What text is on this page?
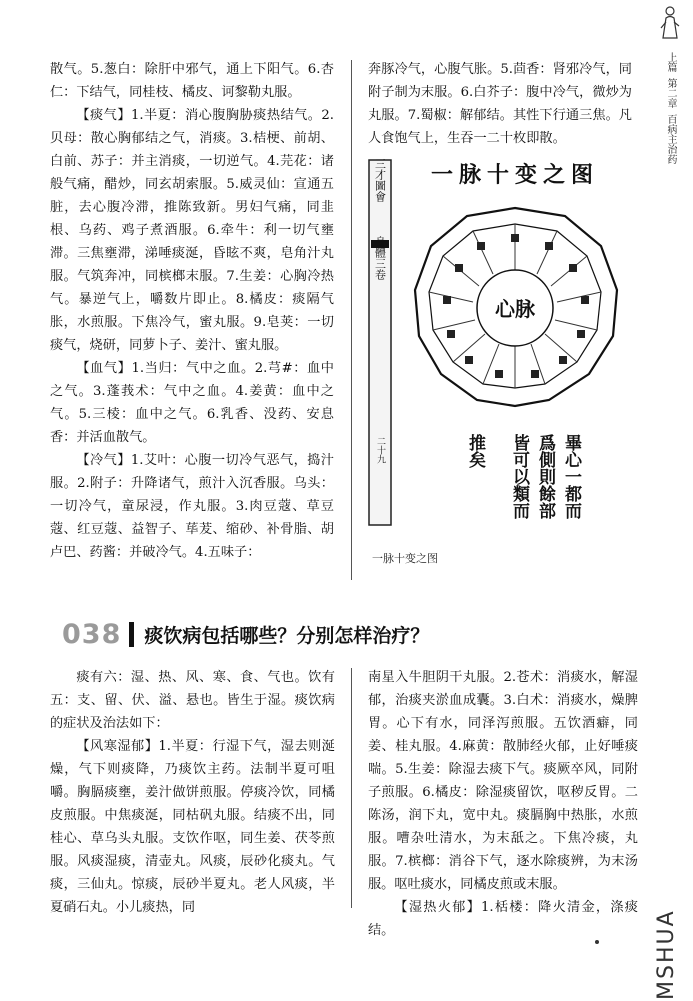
上篇
第二章
百病主治药

散气。5.葱白：除肝中邪气，通上下阳气。6.杏仁：下结气，同桂枝、橘皮、诃黎勒丸服。

【痰气】1.半夏：消心腹胸胁痰热结气。2.贝母：散心胸郁结之气，消痰。3.桔梗、前胡、白前、苏子：并主消痰，一切逆气。4.芫花：诸般气痛，醋炒，同玄胡索服。5.威灵仙：宣通五脏，去心腹冷滞，推陈致新。男妇气痛，同韭根、乌药、鸡子煮酒服。6.牵牛：利一切气壅滞。三焦壅滞，涕唾痰涎，昏眩不爽，皂角汁丸服。气筑奔冲，同槟榔末服。7.生姜：心胸冷热气。暴逆气上，嚼数片即止。8.橘皮：痰隔气胀，水煎服。下焦冷气，蜜丸服。9.皂荚：一切痰气，烧研，同萝卜子、姜汁、蜜丸服。

【血气】1.当归：气中之血。2.芎#：血中之气。3.蓬莪术：气中之血。4.姜黄：血中之气。5.三棱：血中之气。6.乳香、没药、安息香：并活血散气。

【冷气】1.艾叶：心腹一切冷气恶气，捣汁服。2.附子：升降诸气，煎汁入沉香服。乌头：一切冷气，童尿浸，作丸服。3.肉豆蔻、草豆蔻、红豆蔻、益智子、荜茇、缩砂、补骨脂、胡卢巴、药酱：并破冷气。4.五味子：

奔豚冷气，心腹气胀。5.茴香：肾邪冷气，同附子制为末服。6.白芥子：腹中冷气，微炒为丸服。7.蜀椒：解郁结。其性下行通三焦。凡人食饱气上，生吞一二十枚即散。

三才圖會
身體三卷
二十九
一脉十变之图
心脉
畢心一都而
爲側則餘部
皆可以類而
推矣
一脉十变之图
038 痰饮病包括哪些？分别怎样治疗？

痰有六：湿、热、风、寒、食、气也。饮有五：支、留、伏、溢、悬也。皆生于湿。痰饮病的症状及治法如下：

【风寒湿郁】1.半夏：行湿下气，湿去则涎燥，气下则痰降，乃痰饮主药。法制半夏可咀嚼。胸膈痰壅，姜汁做饼煎服。停痰冷饮，同橘皮煎服。中焦痰涎，同枯矾丸服。结痰不出，同桂心、草乌头丸服。支饮作呕，同生姜、茯苓煎服。风痰湿痰，清壶丸。风痰，辰砂化痰丸。气痰，三仙丸。惊痰，辰砂半夏丸。老人风痰，半夏硝石丸。小儿痰热，同

南星入牛胆阴干丸服。2.苍术：消痰水，解湿郁，治痰夹淤血成囊。3.白术：消痰水，燥脾胃。心下有水，同泽泻煎服。五饮酒癖，同姜、桂丸服。4.麻黄：散肺经火郁，止好唾痰喘。5.生姜：除湿去痰下气。痰厥卒风，同附子煎服。6.橘皮：除湿痰留饮，呕秽反胃。二陈汤，润下丸，宽中丸。痰膈胸中热胀，水煎服。嘈杂吐清水，为末舐之。下焦冷痰，丸服。7.槟榔：消谷下气，逐水除痰辨，为末汤服。呕吐痰水，同橘皮煎或末服。

【湿热火郁】1.栝楼：降火清金，涤痰结。	MSHUA
